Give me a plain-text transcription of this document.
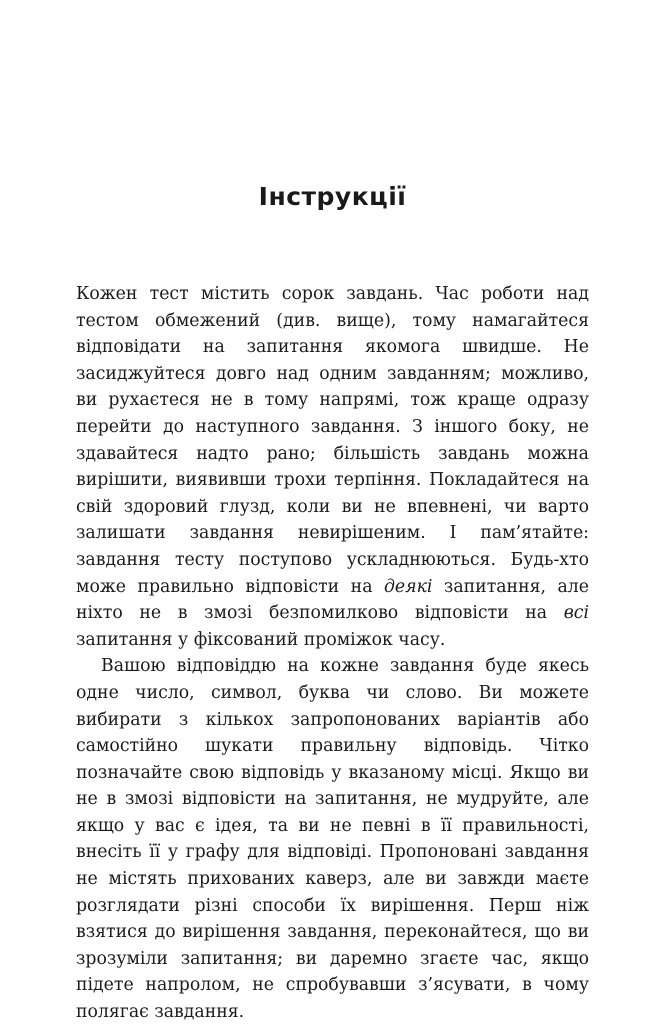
Інструкції

Кожен тест містить сорок завдань. Час роботи над тестом обмежений (див. вище), тому намагайтеся відповідати на запитання якомога швидше. Не засиджуйтеся довго над одним завданням; можливо, ви рухаєтеся не в тому напрямі, тож краще одразу перейти до наступного завдання. З іншого боку, не здавайтеся надто рано; більшість завдань можна вирішити, виявивши трохи терпіння. Покладайтеся на свій здоровий глузд, коли ви не впевнені, чи варто залишати завдання невирішеним. І пам’ятайте: завдання тесту поступово ускладнюються. Будь-хто може правильно відповісти на деякі запитання, але ніхто не в змозі безпомилково відповісти на всі запитання у фіксований проміжок часу.

Вашою відповіддю на кожне завдання буде якесь одне число, символ, буква чи слово. Ви можете вибирати з кількох запропонованих варіантів або самостійно шукати правильну відповідь. Чітко позначайте свою відповідь у вказаному місці. Якщо ви не в змозі відповісти на запитання, не мудруйте, але якщо у вас є ідея, та ви не певні в її правильності, внесіть її у графу для відповіді. Пропоновані завдання не містять прихованих каверз, але ви завжди маєте розглядати різні способи їх вирішення. Перш ніж взятися до вирішення завдання, переконайтеся, що ви зрозуміли запитання; ви даремно згаєте час, якщо підете напролом, не спробувавши з’ясувати, в чому полягає завдання.
